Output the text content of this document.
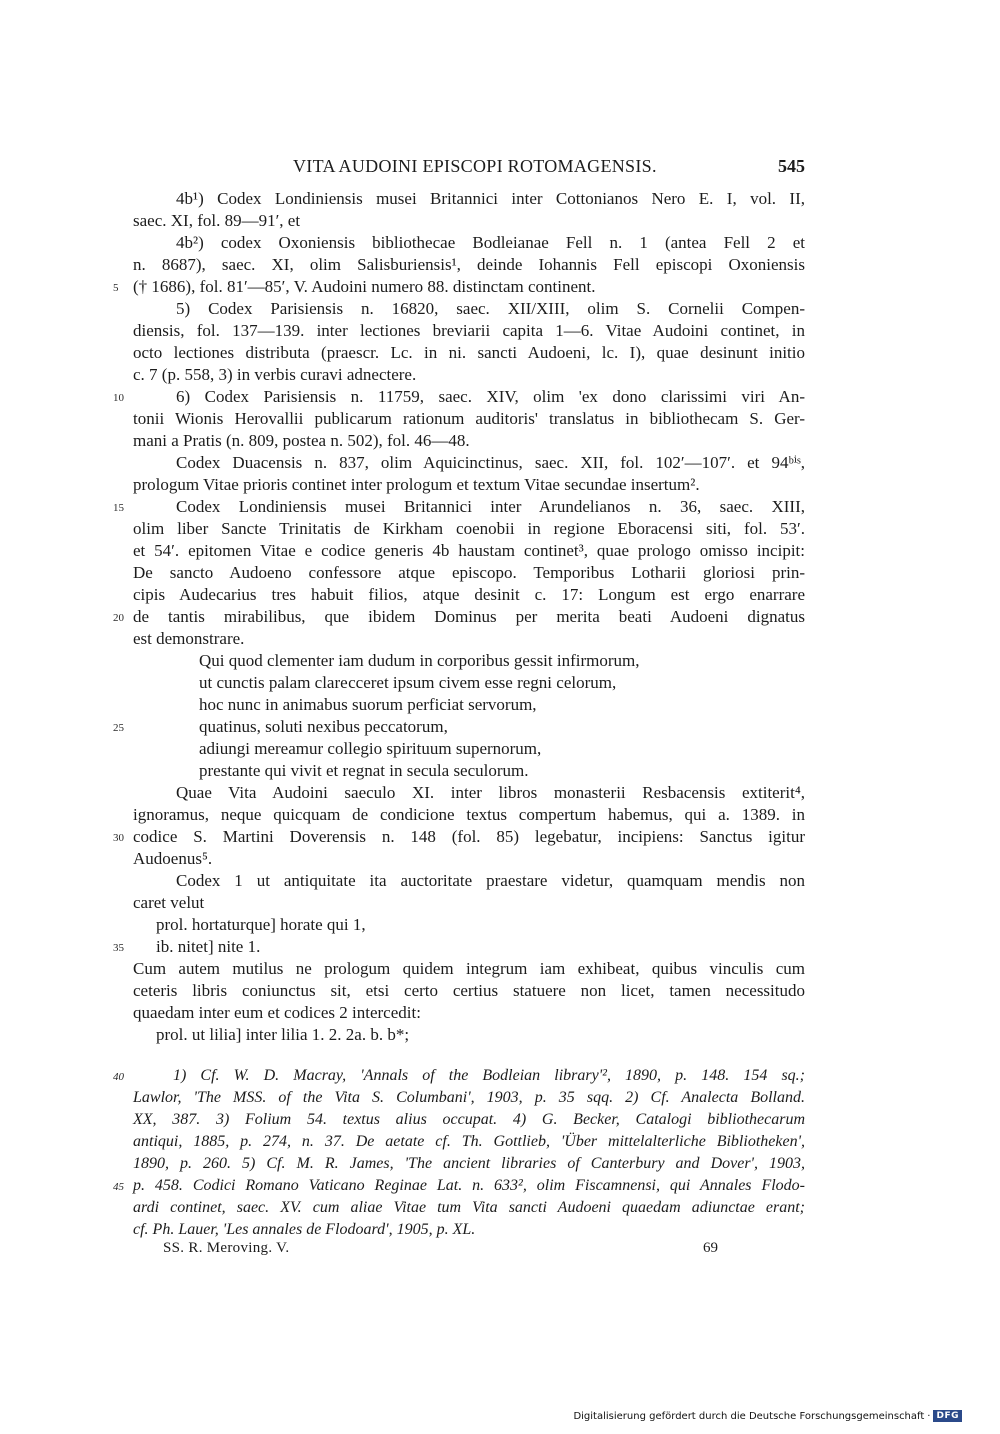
VITA AUDOINI EPISCOPI ROTOMAGENSIS.	545
4b¹) Codex Londiniensis musei Britannici inter Cottonianos Nero E. I, vol. II,
saec. XI, fol. 89—91′, et
4b²) codex Oxoniensis bibliothecae Bodleianae Fell n. 1 (antea Fell 2 et
n. 8687), saec. XI, olim Salisburiensis¹, deinde Iohannis Fell episcopi Oxoniensis
5 († 1686), fol. 81′—85′, V. Audoini numero 88. distinctam continent.
5) Codex Parisiensis n. 16820, saec. XII/XIII, olim S. Cornelii Compen-
diensis, fol. 137—139. inter lectiones breviarii capita 1—6. Vitae Audoini continet, in
octo lectiones distributa (praescr. Lc. in ni. sancti Audoeni, lc. I), quae desinunt initio
c. 7 (p. 558, 3) in verbis curavi adnectere.
10	6) Codex Parisiensis n. 11759, saec. XIV, olim 'ex dono clarissimi viri An-
tonii Wionis Herovallii publicarum rationum auditoris' translatus in bibliothecam S. Ger-
mani a Pratis (n. 809, postea n. 502), fol. 46—48.
Codex Duacensis n. 837, olim Aquicinctinus, saec. XII, fol. 102′—107′. et 94ᵇⁱˢ,
prologum Vitae prioris continet inter prologum et textum Vitae secundae insertum².
15	Codex Londiniensis musei Britannici inter Arundelianos n. 36, saec. XIII,
olim liber Sancte Trinitatis de Kirkham coenobii in regione Eboracensi siti, fol. 53′.
et 54′. epitomen Vitae e codice generis 4b haustam continet³, quae prologo omisso incipit:
De sancto Audoeno confessore atque episcopo. Temporibus Lotharii gloriosi prin-
cipis Audecarius tres habuit filios, atque desinit c. 17: Longum est ergo enarrare
20 de tantis mirabilibus, que ibidem Dominus per merita beati Audoeni dignatus
est demonstrare.
Qui quod clementer iam dudum in corporibus gessit infirmorum,
ut cunctis palam clarесceret ipsum civem esse regni celorum,
hoc nunc in animabus suorum perficiat servorum,
25	quatinus, soluti nexibus peccatorum,
adiungi mereamur collegio spirituum supernorum,
prestante qui vivit et regnat in secula seculorum.
Quae Vita Audoini saeculo XI. inter libros monasterii Resbacensis extiterit⁴,
ignoramus, neque quicquam de condicione textus compertum habemus, qui a. 1389. in
30 codice S. Martini Doverensis n. 148 (fol. 85) legebatur, incipiens: Sanctus igitur
Audoenus⁵.
Codex 1 ut antiquitate ita auctoritate praestare videtur, quamquam mendis non
caret velut
prol. hortaturque] horate qui 1,
35 ib. nitet] nite 1.
Cum autem mutilus ne prologum quidem integrum iam exhibeat, quibus vinculis cum
ceteris libris coniunctus sit, etsi certo certius statuere non licet, tamen necessitudo
quaedam inter eum et codices 2 intercedit:
prol. ut lilia] inter lilia 1. 2. 2a. b. b*;
40	1) Cf. W. D. Macray, 'Annals of the Bodleian library'², 1890, p. 148. 154 sq.;
Lawlor, 'The MSS. of the Vita S. Columbani', 1903, p. 35 sqq. 2) Cf. Analecta Bolland.
XX, 387. 3) Folium 54. textus alius occupat. 4) G. Becker, Catalogi bibliothecarum
antiqui, 1885, p. 274, n. 37. De aetate cf. Th. Gottlieb, 'Über mittelalterliche Bibliotheken',
1890, p. 260. 5) Cf. M. R. James, 'The ancient libraries of Canterbury and Dover', 1903,
45 p. 458. Codici Romano Vaticano Reginae Lat. n. 633², olim Fiscamnensi, qui Annales Flodo-
ardi continet, saec. XV. cum aliae Vitae tum Vita sancti Audoeni quaedam adiunctae erant;
cf. Ph. Lauer, 'Les annales de Flodoard', 1905, p. XL.
SS. R. Meroving. V.	69
Digitalisierung gefördert durch die Deutsche Forschungsgemeinschaft · DFG
